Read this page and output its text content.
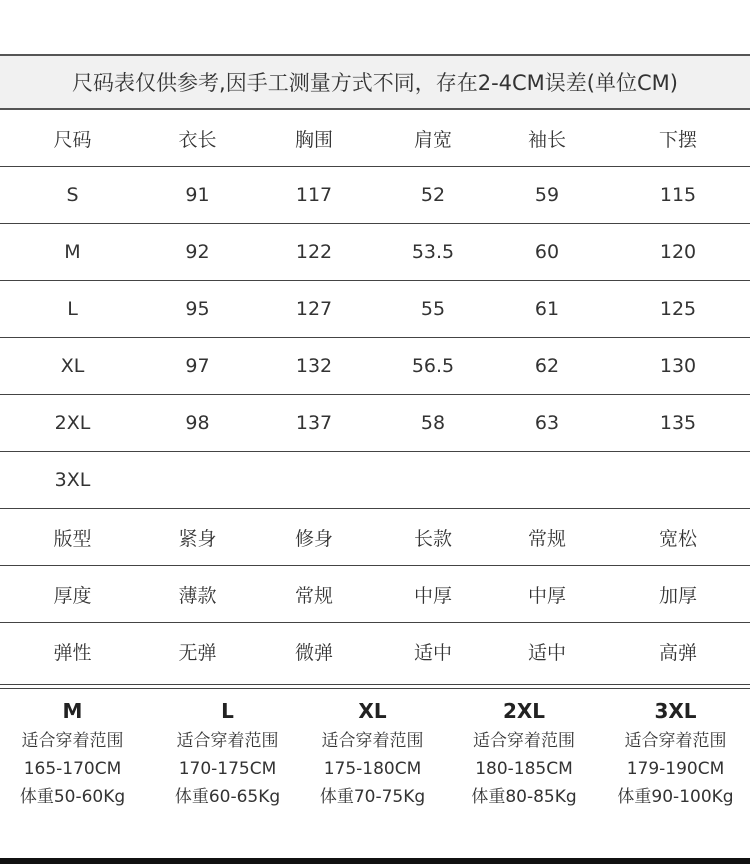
尺码表仅供参考,因手工测量方式不同，存在2-4CM误差(单位CM)
尺码	衣长	胸围	肩宽	袖长	下摆
S	91	117	52	59	115
M	92	122	53.5	60	120
L	95	127	55	61	125
XL	97	132	56.5	62	130
2XL	98	137	58	63	135
3XL
版型	紧身	修身	长款	常规	宽松
厚度	薄款	常规	中厚	中厚	加厚
弹性	无弹	微弹	适中	适中	高弹
M
适合穿着范围
165-170CM
体重50-60Kg
L
适合穿着范围
170-175CM
体重60-65Kg
XL
适合穿着范围
175-180CM
体重70-75Kg
2XL
适合穿着范围
180-185CM
体重80-85Kg
3XL
适合穿着范围
179-190CM
体重90-100Kg
